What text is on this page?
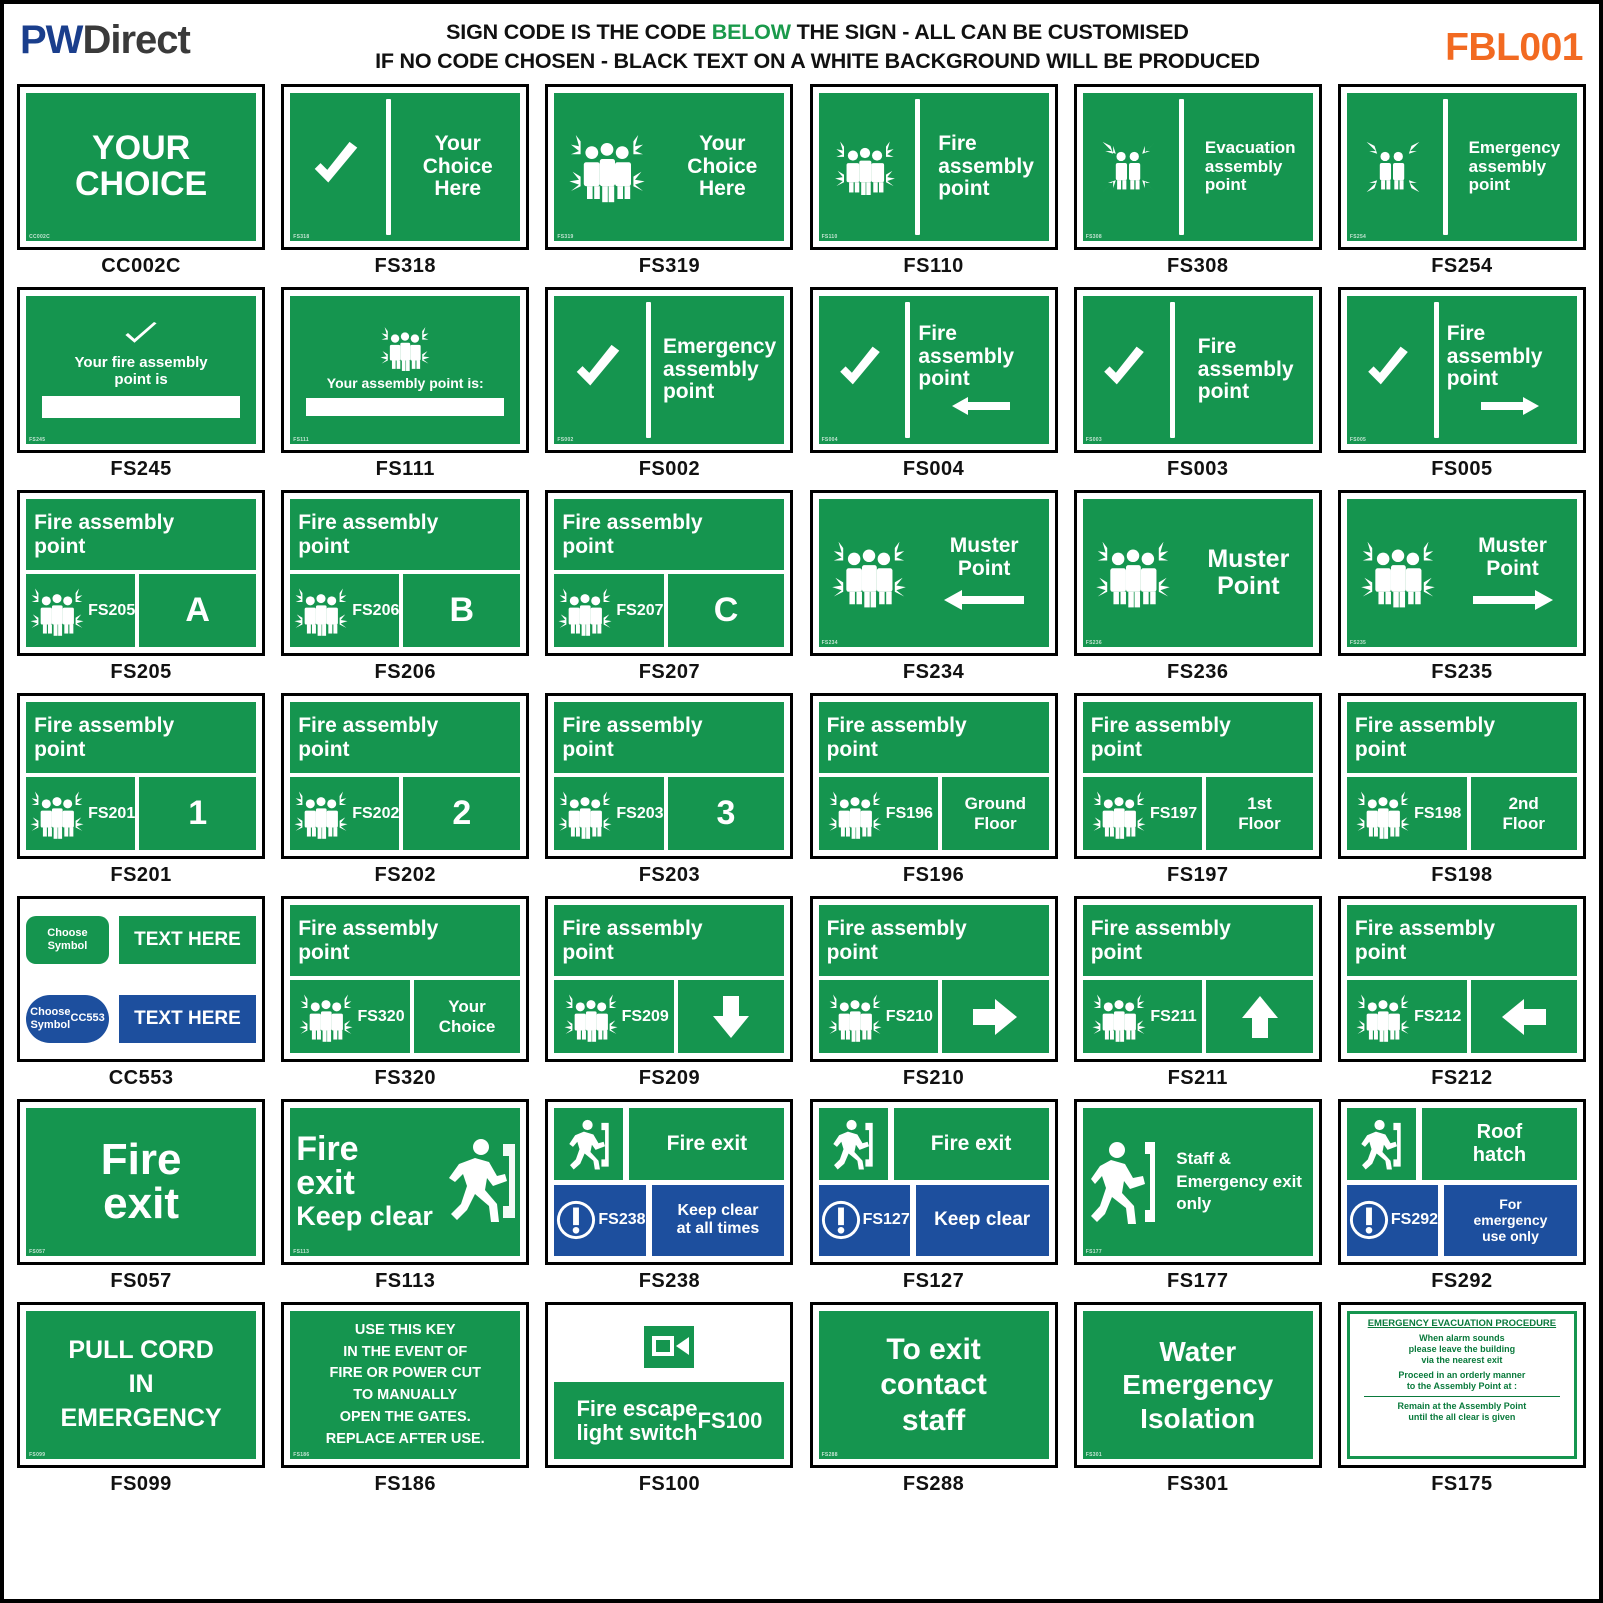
PWDirect	SIGN CODE IS THE CODE BELOW THE SIGN - ALL CAN BE CUSTOMISED
IF NO CODE CHOSEN - BLACK TEXT ON A WHITE BACKGROUND WILL BE PRODUCED	FBL001
YOUR
CHOICE
CC002C
CC002C
Your
Choice
Here
FS318
FS318
Your
Choice
Here
FS319
FS319
Fire
assembly
point
FS110
FS110
Evacuation
assembly
point
FS308
FS308
Emergency
assembly
point
FS254
FS254
Your fire assembly
point is
FS245
FS245
Your assembly point is:
FS111
FS111
Emergency
assembly
point
FS002
FS002
Fire
assembly
point
FS004
FS004
Fire
assembly
point
FS003
FS003
Fire
assembly
point
FS005
FS005
Fire assembly
point
FS205	A
FS205
Fire assembly
point
FS206	B
FS206
Fire assembly
point
FS207	C
FS207
Muster
Point
FS234
FS234
Muster
Point
FS236
FS236
Muster
Point
FS235
FS235
Fire assembly
point
FS201	1
FS201
Fire assembly
point
FS202	2
FS202
Fire assembly
point
FS203	3
FS203
Fire assembly
point
FS196
Ground
Floor
FS196
Fire assembly
point
FS197
1st
Floor
FS197
Fire assembly
point
FS198
2nd
Floor
FS198
Choose
Symbol	TEXT HERE
Choose
Symbol
CC553	TEXT HERE
CC553
Fire assembly
point
FS320
Your
Choice
FS320
Fire assembly
point
FS209
FS209
Fire assembly
point
FS210
FS210
Fire assembly
point
FS211
FS211
Fire assembly
point
FS212
FS212
Fire
exit
FS057
FS057
Fire
exit
Keep clear
FS113
FS113
Fire exit
FS238
Keep clear
at all times
FS238
Fire exit
FS127 Keep clear
FS127
Staff &
Emergency exit
only
FS177
FS177
Roof
hatch
FS292
For
emergency
use only
FS292
PULL CORD
IN
EMERGENCY
FS099
FS099
USE THIS KEY
IN THE EVENT OF
FIRE OR POWER CUT
TO MANUALLY
OPEN THE GATES.
REPLACE AFTER USE.
FS186
FS186
Fire escape
light switch FS100
FS100
To exit
contact
staff
FS288
FS288
Water
Emergency
Isolation
FS301
FS301
EMERGENCY EVACUATION PROCEDURE
When alarm sounds
please leave the building
via the nearest exit
Proceed in an orderly manner
to the Assembly Point at :
Remain at the Assembly Point
until the all clear is given
FS175
FS175
